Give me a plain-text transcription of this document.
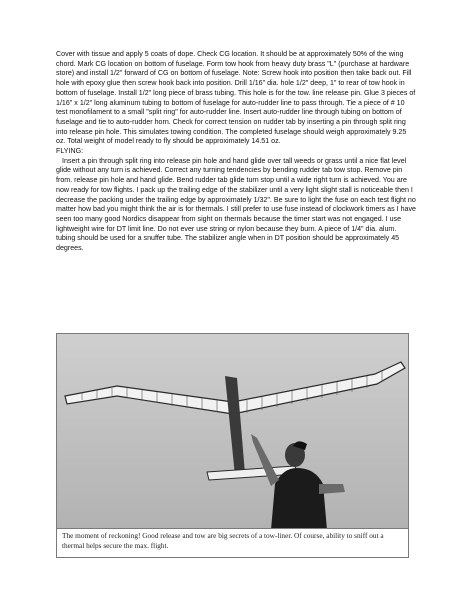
Cover with tissue and apply 5 coats of dope. Check CG location. It should be at approximately 50% of the wing chord. Mark CG location on bottom of fuselage. Form tow hook from heavy duty brass "L" (purchase at hardware store) and install 1/2" forward of CG on bottom of fuselage. Note: Screw hook into position then take back out. Fill hole with epoxy glue then screw hook back into position. Drill 1/16" dia. hole 1/2" deep, 1" to rear of tow hook in bottom of fuselage. Install 1/2" long piece of brass tubing. This hole is for the tow. line release pin. Glue 3 pieces of 1/16" x 1/2" long aluminum tubing to bottom of fuselage for auto-rudder line to pass through. Tie a piece of # 10 test monofilament to a small "split ring" for auto-rudder line. Insert auto-rudder line through tubing on bottom of fuselage and tie to auto-rudder horn. Check for correct tension on rudder tab by inserting a pin through split ring into release pin hole. This simulates towing condition. The completed fuselage should weigh approximately 9.25 oz. Total weight of model ready to fly should be approximately 14.51 oz.

FLYING:

Insert a pin through split ring into release pin hole and hand glide over tall weeds or grass until a nice flat level glide without any turn is achieved. Correct any turning tendencies by bending rudder tab tow stop. Remove pin from. release pin hole and hand glide. Bend rudder tab glide turn stop until a wide right turn is achieved. You are now ready for tow flights. I pack up the trailing edge of the stabilizer until a very light slight stall is noticeable then I decrease the packing under the trailing edge by approximately 1/32". Be sure to light the fuse on each test flight no matter how bad you might think the air is for thermals. I still prefer to use fuse instead of clockwork timers as I have seen too many good Nordics disappear from sight on thermals because the timer start was not engaged. I use lightweight wire for DT limit line. Do not ever use string or nylon because they burn. A piece of 1/4" dia. alum. tubing should be used for a snuffer tube. The stabilizer angle when in DT position should be approximately 45 degrees.

The moment of reckoning! Good release and tow are big secrets of a tow-liner. Of course, ability to sniff out a thermal helps secure the max. flight.
